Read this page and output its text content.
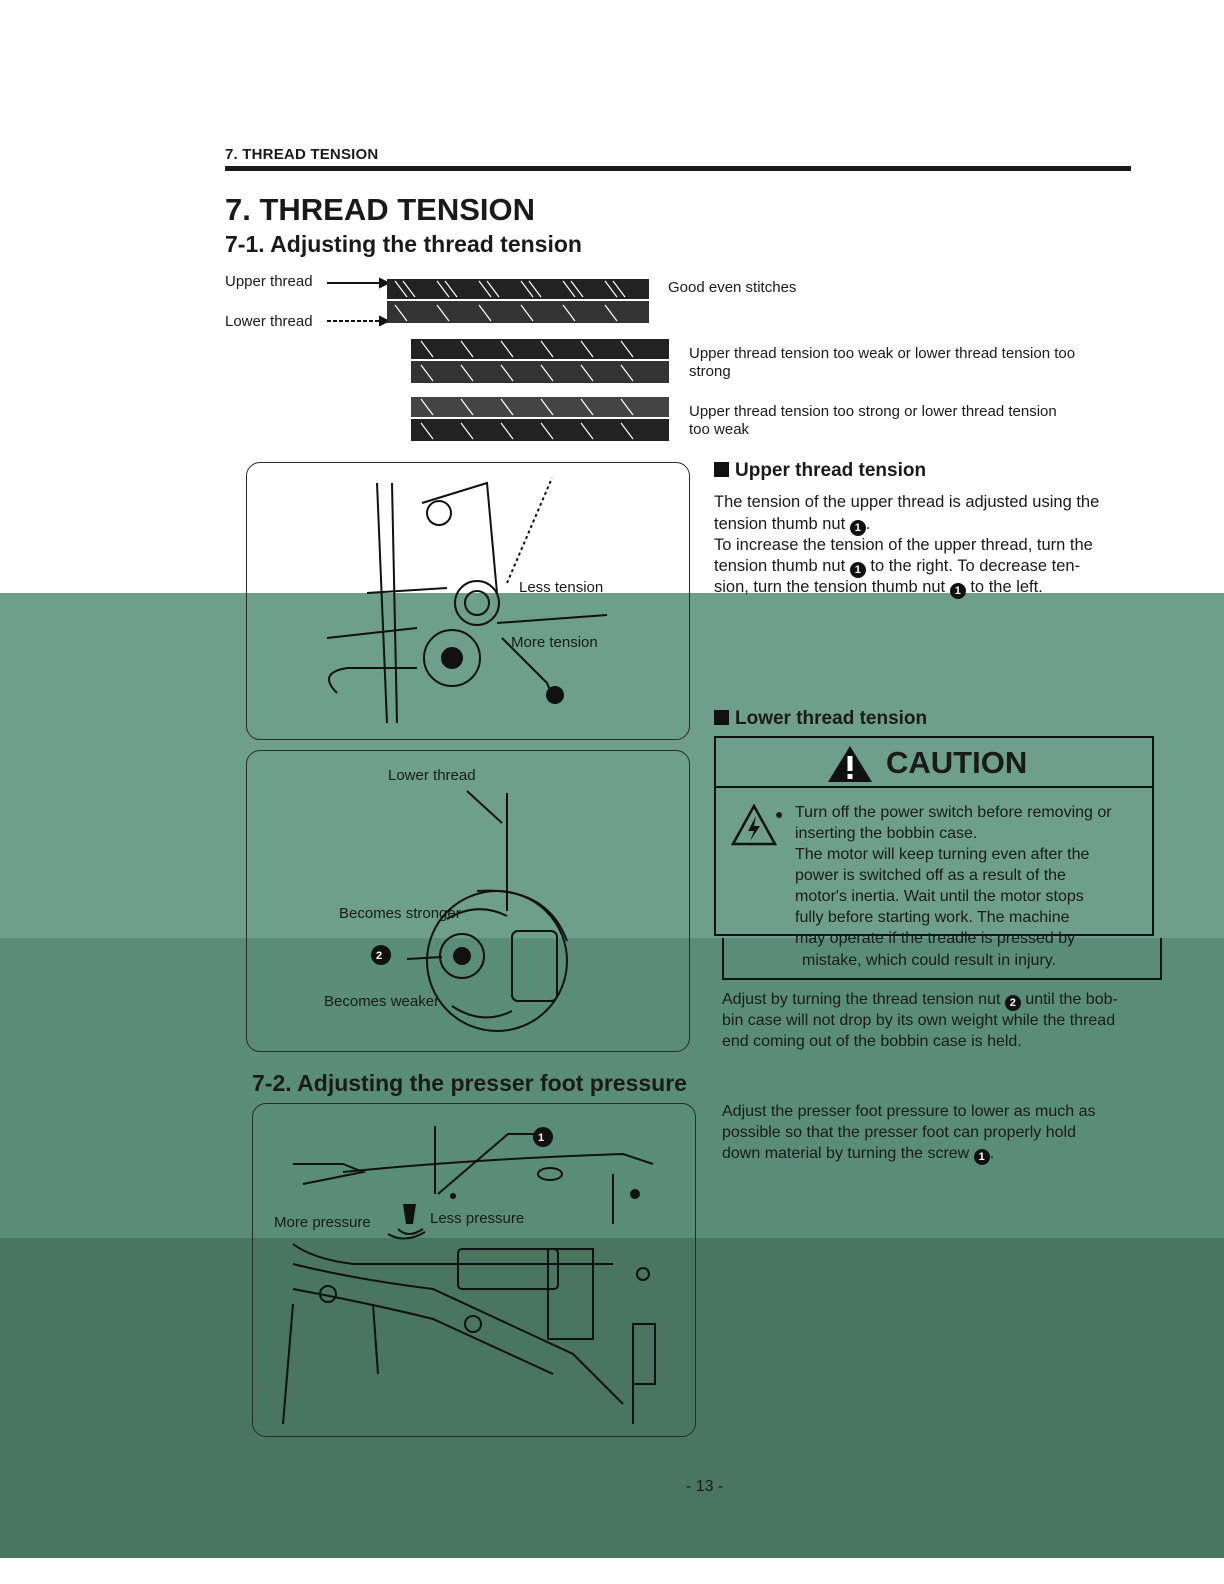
7. THREAD TENSION
7. THREAD TENSION
7-1. Adjusting the thread tension
Upper thread
Lower thread
Good even stitches
Upper thread tension too weak or lower thread tension too
strong
Upper thread tension too strong or lower thread tension
too weak
Less tension
More tension
Upper thread tension
The tension of the upper thread is adjusted using the
tension thumb nut 1 .
To increase the tension of the upper thread, turn the
tension thumb nut 1 to the right. To decrease ten-
sion, turn the tension thumb nut 1 to the left.
2
Lower thread
Becomes stronger
Becomes weaker
Lower thread tension
CAUTION
● Turn off the power switch before removing or
inserting the bobbin case.
The motor will keep turning even after the
power is switched off as a result of the
motor's inertia. Wait until the motor stops
fully before starting work. The machine
may operate if the treadle is pressed by
mistake, which could result in injury.
Adjust by turning the thread tension nut 2 until the bob-
bin case will not drop by its own weight while the thread
end coming out of the bobbin case is held.
7-2. Adjusting the presser foot pressure
1
More pressure	Less pressure
Adjust the presser foot pressure to lower as much as
possible so that the presser foot can properly hold
down material by turning the screw 1 .
- 13 -
